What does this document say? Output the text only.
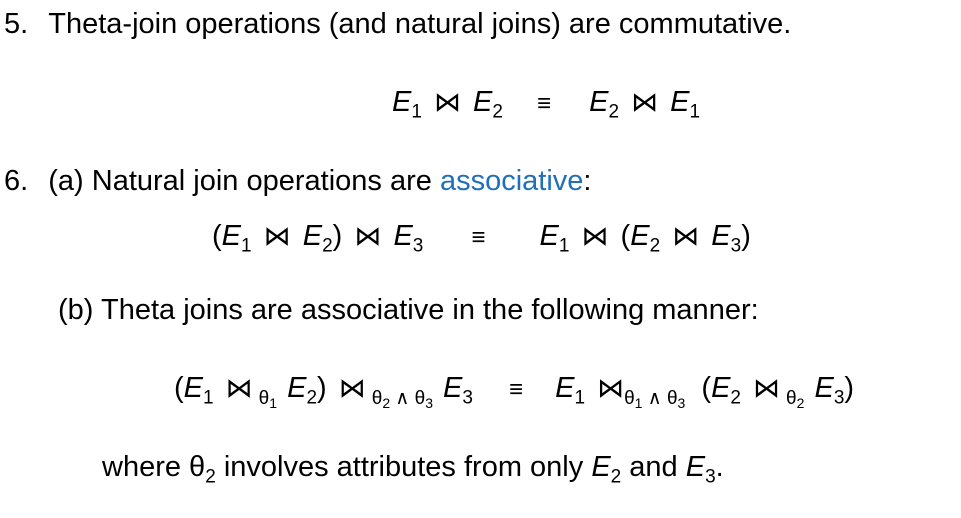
5. Theta-join operations (and natural joins) are commutative.
$E_1$ ⋈ $E_2 \equiv E_2$ ⋈ $E_1$
6. (a) Natural join operations are associative:
($E_1$ ⋈ $E_2$) ⋈ $E_3 \equiv E_1$ ⋈ ($E_2$ ⋈ $E_3$)
(b) Theta joins are associative in the following manner:
($E_1$ ⋈ $_{\theta_1}$ $E_2$) ⋈ $_{\theta_2 \wedge \theta_3}$ $E_3 \equiv E_1$ $⋈_{\theta_1 \wedge \theta_3}$ ($E_2$ ⋈ $_{\theta_2}$ $E_3$)
where $\theta_2$ involves attributes from only $E_2$ and $E_3$.
